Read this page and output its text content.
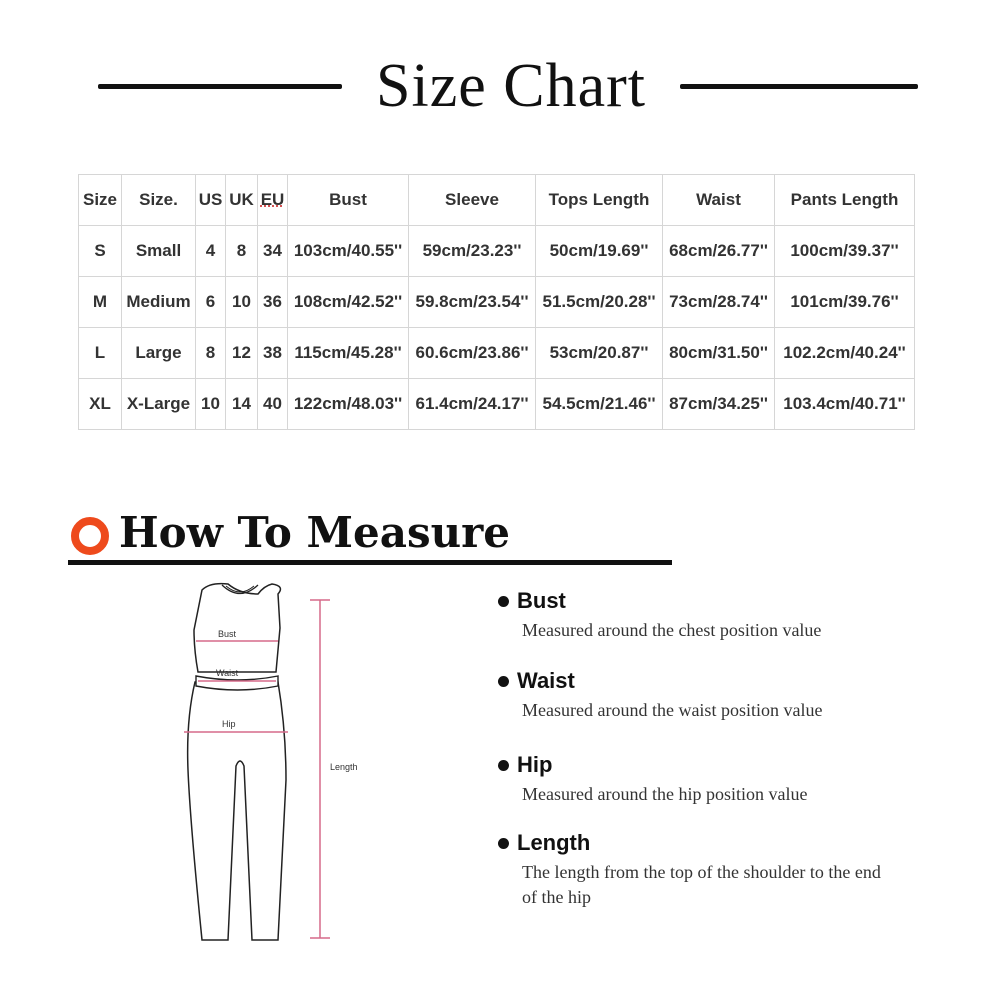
Size Chart
Size	Size.	US	UK	EU	Bust	Sleeve	Tops Length	Waist	Pants Length
S	Small	4	8	34	103cm/40.55''	59cm/23.23''	50cm/19.69''	68cm/26.77''	100cm/39.37''
M	Medium	6	10	36	108cm/42.52''	59.8cm/23.54''	51.5cm/20.28''	73cm/28.74''	101cm/39.76''
L	Large	8	12	38	115cm/45.28''	60.6cm/23.86''	53cm/20.87''	80cm/31.50''	102.2cm/40.24''
XL	X-Large	10	14	40	122cm/48.03''	61.4cm/24.17''	54.5cm/21.46''	87cm/34.25''	103.4cm/40.71''
How To Measure
Bust
Waist
Hip
Length
Bust
Measured around the chest position value
Waist
Measured around the waist position value
Hip
Measured around the hip position value
Length
The length from the top of the shoulder to the end of the hip
